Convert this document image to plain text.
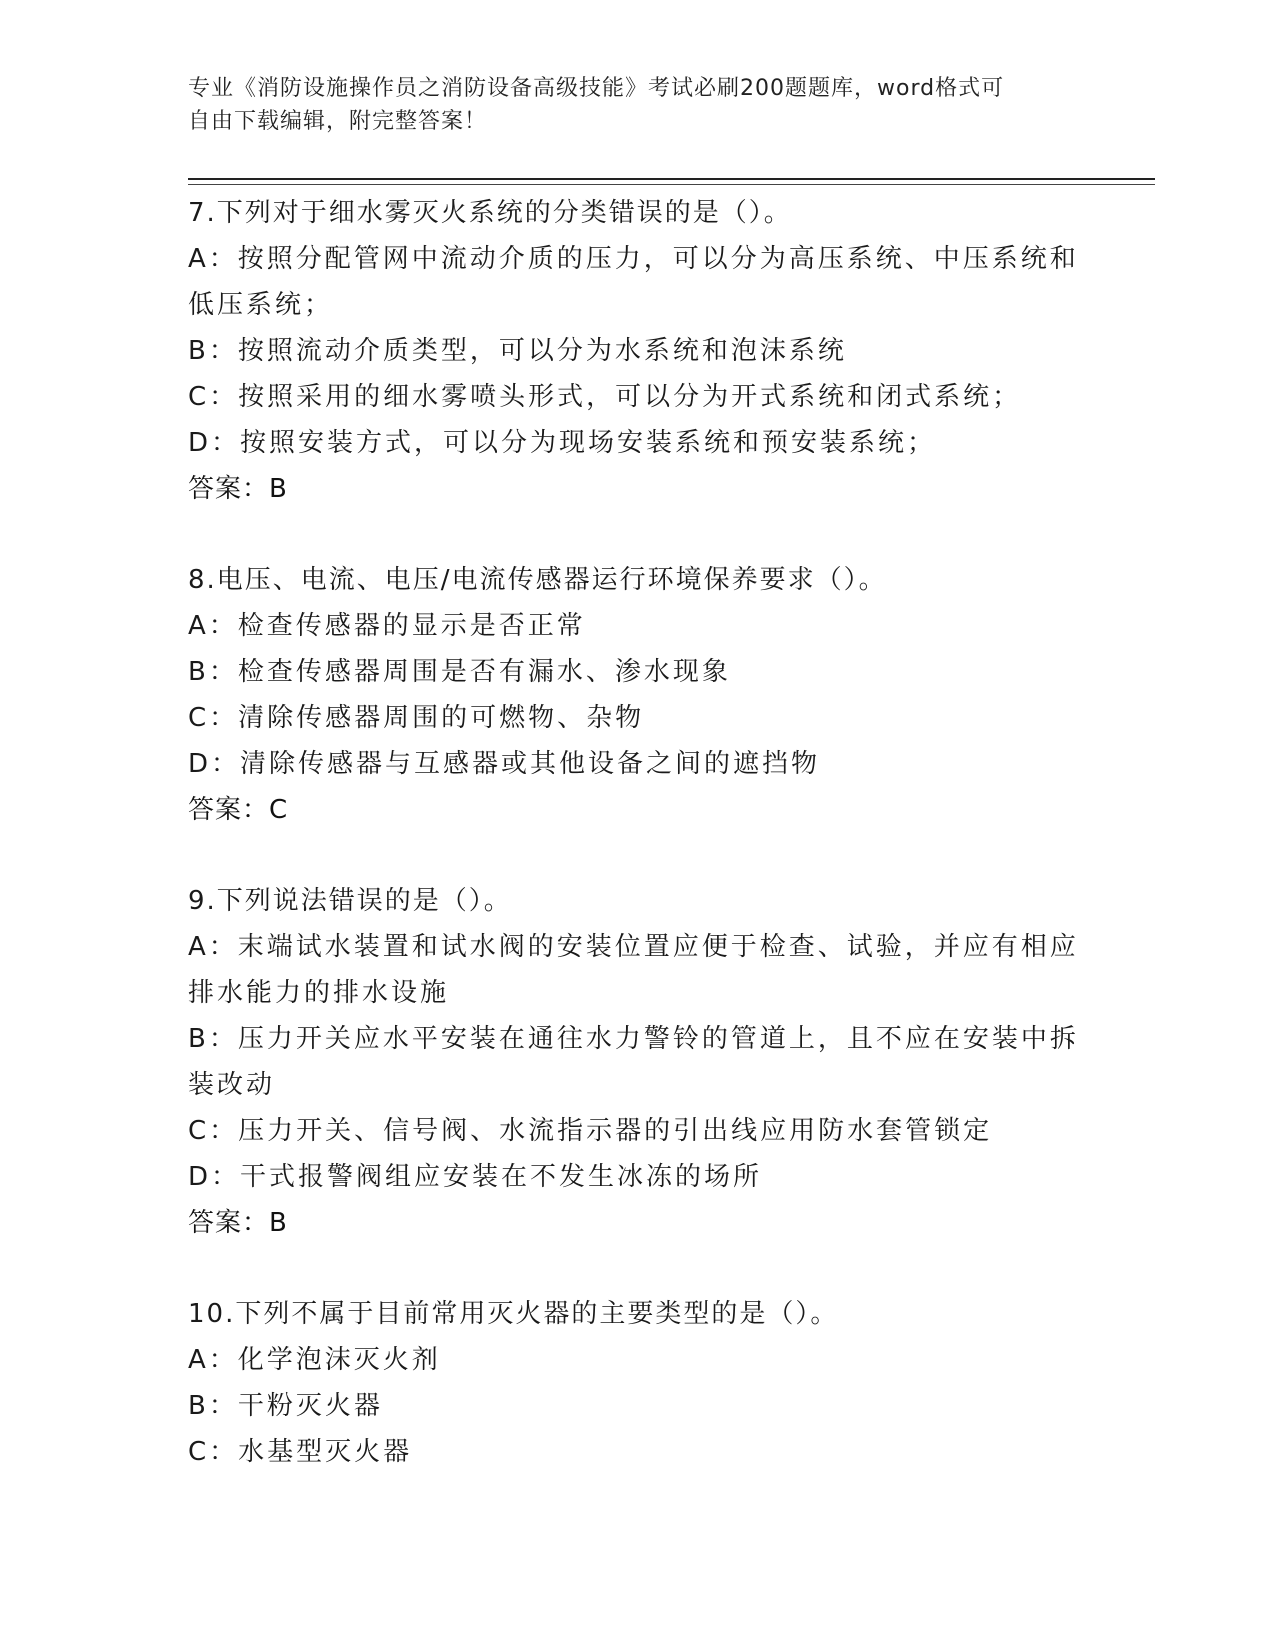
专业《消防设施操作员之消防设备高级技能》考试必刷200题题库，word格式可
自由下载编辑，附完整答案！
7.下列对于细水雾灭火系统的分类错误的是（）。
A：按照分配管网中流动介质的压力，可以分为高压系统、中压系统和
低压系统；
B：按照流动介质类型，可以分为水系统和泡沫系统
C：按照采用的细水雾喷头形式，可以分为开式系统和闭式系统；
D：按照安装方式，可以分为现场安装系统和预安装系统；
答案：B
8.电压、电流、电压/电流传感器运行环境保养要求（）。
A：检查传感器的显示是否正常
B：检查传感器周围是否有漏水、渗水现象
C：清除传感器周围的可燃物、杂物
D：清除传感器与互感器或其他设备之间的遮挡物
答案：C
9.下列说法错误的是（）。
A：末端试水装置和试水阀的安装位置应便于检查、试验，并应有相应
排水能力的排水设施
B：压力开关应水平安装在通往水力警铃的管道上，且不应在安装中拆
装改动
C：压力开关、信号阀、水流指示器的引出线应用防水套管锁定
D：干式报警阀组应安装在不发生冰冻的场所
答案：B
10.下列不属于目前常用灭火器的主要类型的是（）。
A：化学泡沫灭火剂
B：干粉灭火器
C：水基型灭火器
